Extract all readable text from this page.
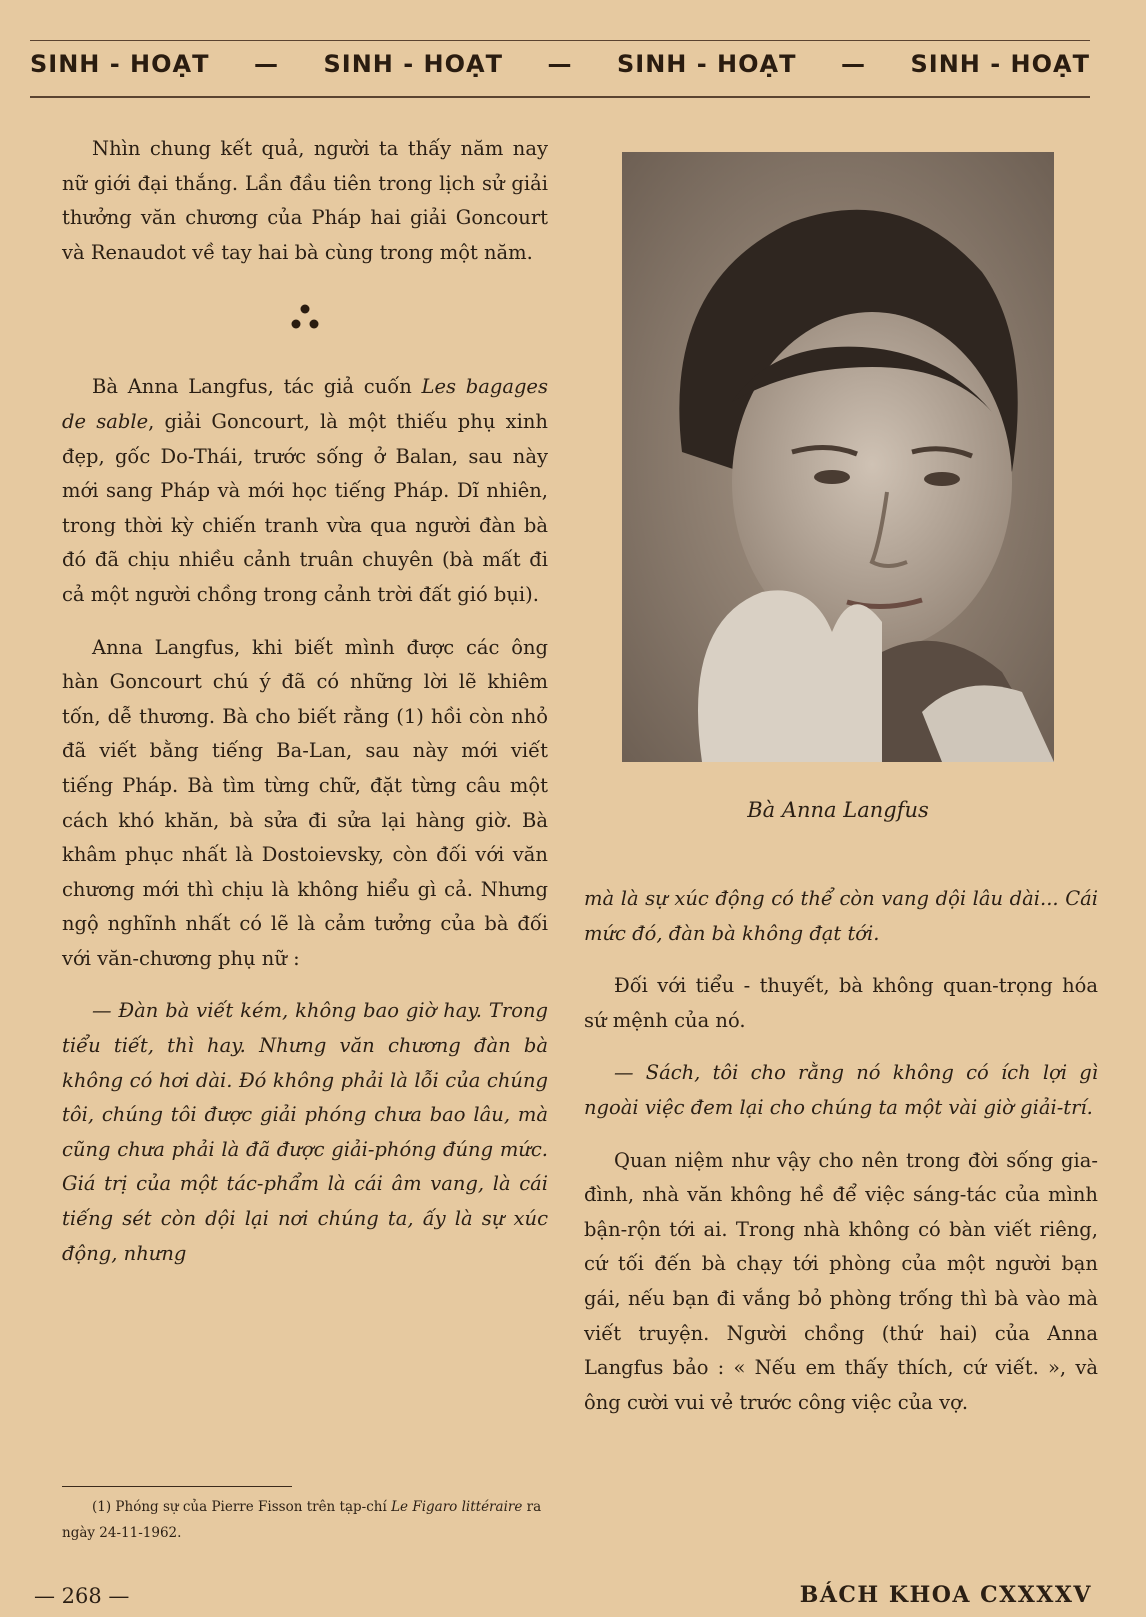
SINH - HOẠT — SINH - HOẠT — SINH - HOẠT — SINH - HOẠT

Nhìn chung kết quả, người ta thấy năm nay nữ giới đại thắng. Lần đầu tiên trong lịch sử giải thưởng văn chương của Pháp hai giải Goncourt và Renaudot về tay hai bà cùng trong một năm.

Bà Anna Langfus, tác giả cuốn Les bagages de sable, giải Goncourt, là một thiếu phụ xinh đẹp, gốc Do-Thái, trước sống ở Balan, sau này mới sang Pháp và mới học tiếng Pháp. Dĩ nhiên, trong thời kỳ chiến tranh vừa qua người đàn bà đó đã chịu nhiều cảnh truân chuyên (bà mất đi cả một người chồng trong cảnh trời đất gió bụi).

Anna Langfus, khi biết mình được các ông hàn Goncourt chú ý đã có những lời lẽ khiêm tốn, dễ thương. Bà cho biết rằng (1) hồi còn nhỏ đã viết bằng tiếng Ba-Lan, sau này mới viết tiếng Pháp. Bà tìm từng chữ, đặt từng câu một cách khó khăn, bà sửa đi sửa lại hàng giờ. Bà khâm phục nhất là Dostoievsky, còn đối với văn chương mới thì chịu là không hiểu gì cả. Nhưng ngộ nghĩnh nhất có lẽ là cảm tưởng của bà đối với văn-chương phụ nữ :

— Đàn bà viết kém, không bao giờ hay. Trong tiểu tiết, thì hay. Nhưng văn chương đàn bà không có hơi dài. Đó không phải là lỗi của chúng tôi, chúng tôi được giải phóng chưa bao lâu, mà cũng chưa phải là đã được giải-phóng đúng mức. Giá trị của một tác-phẩm là cái âm vang, là cái tiếng sét còn dội lại nơi chúng ta, ấy là sự xúc động, nhưng

Bà Anna Langfus

mà là sự xúc động có thể còn vang dội lâu dài... Cái mức đó, đàn bà không đạt tới.

Đối với tiểu - thuyết, bà không quan-trọng hóa sứ mệnh của nó.

— Sách, tôi cho rằng nó không có ích lợi gì ngoài việc đem lại cho chúng ta một vài giờ giải-trí.

Quan niệm như vậy cho nên trong đời sống gia-đình, nhà văn không hề để việc sáng-tác của mình bận-rộn tới ai. Trong nhà không có bàn viết riêng, cứ tối đến bà chạy tới phòng của một người bạn gái, nếu bạn đi vắng bỏ phòng trống thì bà vào mà viết truyện. Người chồng (thứ hai) của Anna Langfus bảo : « Nếu em thấy thích, cứ viết. », và ông cười vui vẻ trước công việc của vợ.

(1) Phóng sự của Pierre Fisson trên tạp-chí Le Figaro littéraire ra ngày 24-11-1962.
— 268 —	BÁCH KHOA CXXXXV
